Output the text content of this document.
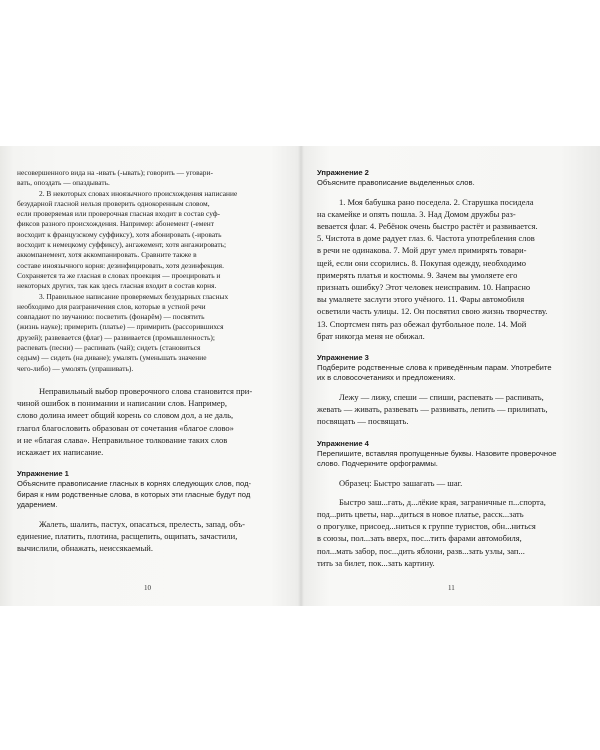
несовершенного вида на -ивать (-ывать); говорить — уговари-
вать, опоздать — опаздывать.
2. В некоторых словах иноязычного происхождения написание
безударной гласной нельзя проверить однокоренным словом,
если проверяемая или проверочная гласная входит в состав суф-
фиксов разного происхождения. Например: абонемент (-емент
восходит к французскому суффиксу), хотя абонировать (-ировать
восходит к немецкому суффиксу), ангажемент, хотя ангажировать;
аккомпанемент, хотя аккомпанировать. Сравните также в
составе иноязычного корня: дезинфицировать, хотя дезинфекция.
Сохраняется та же гласная в словах проекция — проецировать и
некоторых других, так как здесь гласная входит в состав корня.
3. Правильное написание проверяемых безударных гласных
необходимо для разграничения слов, которые в устной речи
совпадают по звучанию: посветить (фонарём) — посвятить
(жизнь науке); примерить (платье) — примирить (рассорившихся
друзей); развевается (флаг) — развивается (промышленность);
распевать (песни) — распивать (чай); сидеть (становиться
седым) — сидеть (на диване); умалять (уменьшать значение
чего-либо) — умолять (упрашивать).
Неправильный выбор проверочного слова становится при-
чиной ошибок в понимании и написании слов. Например,
слово долина имеет общий корень со словом дол, а не даль,
глагол благословить образован от сочетания «благое слово»
и не «благая слава». Неправильное толкование таких слов
искажает их написание.
Упражнение 1
Объясните правописание гласных в корнях следующих слов, под-
бирая к ним родственные слова, в которых эти гласные будут под
ударением.
Жалеть, шалить, пастух, опасаться, прелесть, запад, объ-
единение, платить, плотина, расщепить, ощипать, зачастили,
вычислили, обнажать, неиссякаемый.
10
Упражнение 2
Объясните правописание выделенных слов.
1. Моя бабушка рано поседела. 2. Старушка посидела
на скамейке и опять пошла. 3. Над Домом дружбы раз-
вевается флаг. 4. Ребёнок очень быстро растёт и развивается.
5. Чистота в доме радует глаз. 6. Частота употребления слов
в речи не одинакова. 7. Мой друг умел примирять товари-
щей, если они ссорились. 8. Покупая одежду, необходимо
примерять платья и костюмы. 9. Зачем вы умоляете его
признать ошибку? Этот человек неисправим. 10. Напрасно
вы умаляете заслуги этого учёного. 11. Фары автомобиля
осветили часть улицы. 12. Он посвятил свою жизнь творчеству.
13. Спортсмен пять раз обежал футбольное поле. 14. Мой
брат никогда меня не обижал.
Упражнение 3
Подберите родственные слова к приведённым парам. Употребите
их в словосочетаниях и предложениях.
Лежу — лижу, спеши — спиши, распевать — распивать,
жевать — живать, развевать — развивать, лепить — прилипать,
посвящать — посвящать.
Упражнение 4
Перепишите, вставляя пропущенные буквы. Назовите проверочное
слово. Подчеркните орфограммы.
Образец: Быстро зашагать — шаг.
Быстро заш...гать, д...лёкие края, заграничные п...спорта,
под...рить цветы, нар...диться в новое платье, расск...зать
о прогулке, присоед...ниться к группе туристов, обн...ниться
в союзы, пол...зать вверх, пос...тить фарами автомобиля,
пол...мать забор, пос...дить яблони, разв...зать узлы, зап...
тить за билет, пок...зать картину.
11
